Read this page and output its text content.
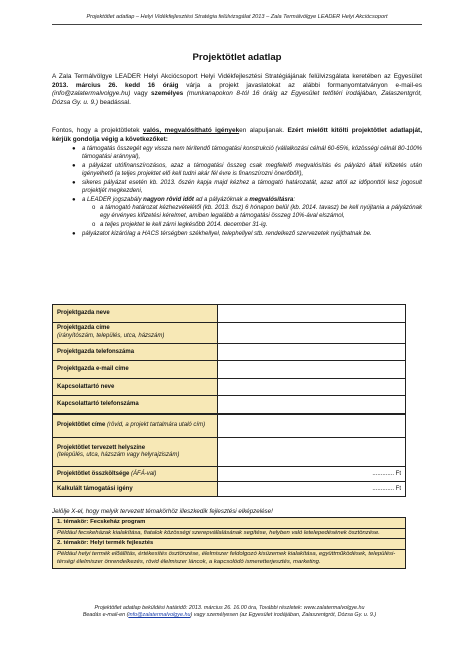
Projektötlet adatlap – Helyi Vidékfejlesztési Stratégia felülvizsgálat 2013 – Zala Termálvölgye LEADER Helyi Akciócsoport
Projektötlet adatlap
A Zala Termálvölgye LEADER Helyi Akciócsoport Helyi Vidékfejlesztési Stratégiájának felülvizsgálata keretében az Egyesület 2013. március 26. kedd 16 óráig várja a projekt javaslatokat az alábbi formanyomtatványon e-mail-es (info@zalatermalvolgye.hu) vagy személyes (munkanapokon 8-tól 16 óráig az Egyesület tetőtéri irodájában, Zalaszentgrót, Dózsa Gy. u. 9.) beadással.
Fontos, hogy a projektötletek valós, megvalósítható igényeken alapuljanak. Ezért mielőtt kitölti projektötlet adatlapját, kérjük gondolja végig a következőket:
● a támogatás összegét egy vissza nem térítendő támogatási konstrukció (vállalkozási célnál 60-65%, közösségi célnál 80-100% támogatási aránnyal),
● a pályázat utófinanszírozásos, azaz a támogatási összeg csak megfelelő megvalósítás és pályázó általi kifizetés után igényelhető (a teljes projektet elő kell tudni akár fél évre is finanszírozni önerőből!),
● sikeres pályázat esetén kb. 2013. őszén kapja majd kézhez a támogató határozatát, azaz attól az időponttól lesz jogosult projektjét megkezdeni,
● a LEADER jogszabály nagyon rövid időt ad a pályázóknak a megvalósításra:
o a támogató határozat kézhezvételétől (kb. 2013. ősz) 6 hónapon belül (kb. 2014. tavasz) be kell nyújtania a pályázónak egy érvényes kifizetési kérelmet, amiben legalább a támogatási összeg 10%-ával elszámol,
o a teljes projektet le kell zárni legkésőbb 2014. december 31-ig.
● pályázatot kizárólag a HACS térségben székhellyel, telephellyel stb. rendelkező szervezetek nyújthatnak be.
Projektgazda neve	
Projektgazda címe
(irányítószám, település, utca, házszám)	
Projektgazda telefonszáma	
Projektgazda e-mail címe	
Kapcsolattartó neve	
Kapcsolattartó telefonszáma	
Projektötlet címe (rövid, a projekt tartalmára utaló cím)	
Projektötlet tervezett helyszíne
(település, utca, házszám vagy helyrajziszám)	
Projektötlet összköltsége (ÁFÁ-val)	............. Ft
Kalkulált támogatási igény	............. Ft
Jelölje X-el, hogy melyik tervezett témakörhöz illeszkedik fejlesztési elképzelése!
1. témakör: Fecskeház program
Például fecskeházak kialakítása, fiatalok közösségi szerepvállalásának segítése, helyben való letelepedésének ösztönzése.
2. témakör: Helyi termék fejlesztés
Például helyi termék előállítás, értékesítés ösztönzése, élelmiszer feldolgozó kisüzemek kialakítása, együttműködések, települési-térségi élelmiszer önrendelkezés, rövid élelmiszer láncok, a kapcsolódó ismeretterjesztés, marketing.
Projektötlet adatlap beküldési határidő: 2013. március 26. 16.00 óra, További részletek: www.zalatermalvolgye.hu
Beadás e-mail-en (info@zalatermalvolgye.hu) vagy személyesen (az Egyesület irodájában, Zalaszentgrót, Dózsa Gy. u. 9.)
